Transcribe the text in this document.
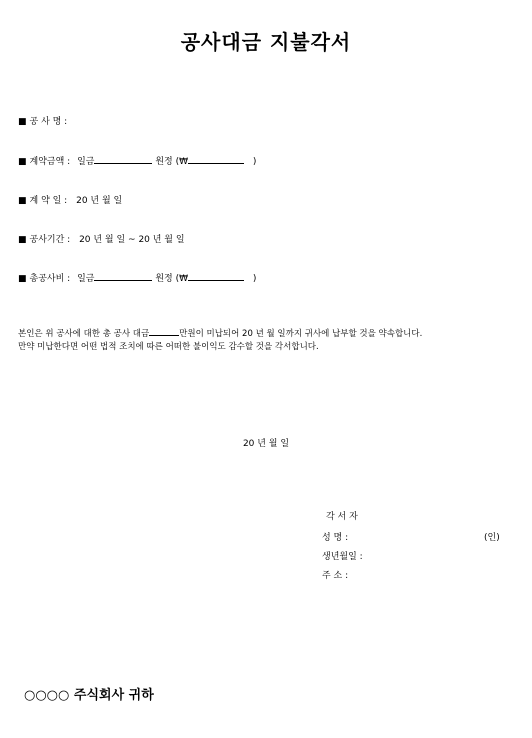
공사대금 지불각서
■ 공 사 명 :
■ 계약금액 : 일금	원정 (₩	)
■ 계 약 일 : 20 년 월 일
■ 공사기간 : 20 년 월 일 ~ 20 년 월 일
■ 총공사비 : 일금	원정 (₩	)
본인은 위 공사에 대한 총 공사 대금	만원이 미납되어 20 년 월 일까지 귀사에 납부할 것을 약속합니다.
만약 미납한다면 어떤 법적 조치에 따른 어떠한 불이익도 감수할 것을 각서합니다.
20 년 월 일
각 서 자
성 명 :	(인)
생년월일 :
주 소 :
○○○○ 주식회사 귀하
